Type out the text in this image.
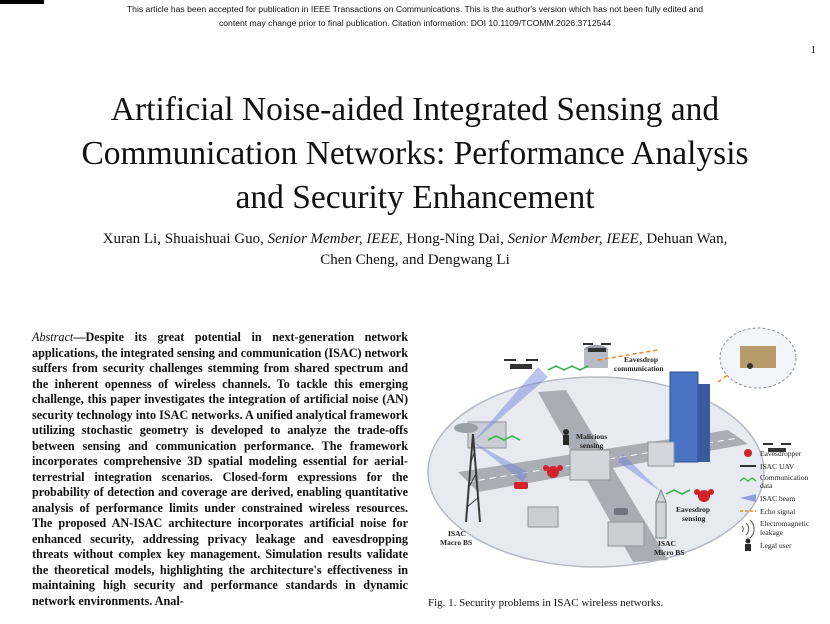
This article has been accepted for publication in IEEE Transactions on Communications. This is the author's version which has not been fully edited and
content may change prior to final publication. Citation information: DOI 10.1109/TCOMM.2026.3712544
1
Artificial Noise-aided Integrated Sensing and
Communication Networks: Performance Analysis
and Security Enhancement
Xuran Li, Shuaishuai Guo, Senior Member, IEEE, Hong-Ning Dai, Senior Member, IEEE, Dehuan Wan,
Chen Cheng, and Dengwang Li

Abstract—Despite its great potential in next-generation network applications, the integrated sensing and communication (ISAC) network suffers from security challenges stemming from shared spectrum and the inherent openness of wireless channels. To tackle this emerging challenge, this paper investigates the integration of artificial noise (AN) security technology into ISAC networks. A unified analytical framework utilizing stochastic geometry is developed to analyze the trade-offs between sensing and communication performance. The framework incorporates comprehensive 3D spatial modeling essential for aerial-terrestrial integration scenarios. Closed-form expressions for the probability of detection and coverage are derived, enabling quantitative analysis of performance limits under constrained wireless resources. The proposed AN-ISAC architecture incorporates artificial noise for enhanced security, addressing privacy leakage and eavesdropping threats without complex key management. Simulation results validate the theoretical models, highlighting the architecture's effectiveness in maintaining high security and performance standards in dynamic network environments. Anal-

Eavesdrop
communication
Malicious
sensing
Eavesdrop
sensing
ISAC
Macro BS	ISAC
Micro BS
Eavesdropper
ISAC UAV
Communication
data
ISAC beam
Echo signal
Electromagnetic
leakage
Legal user
Fig. 1. Security problems in ISAC wireless networks.
